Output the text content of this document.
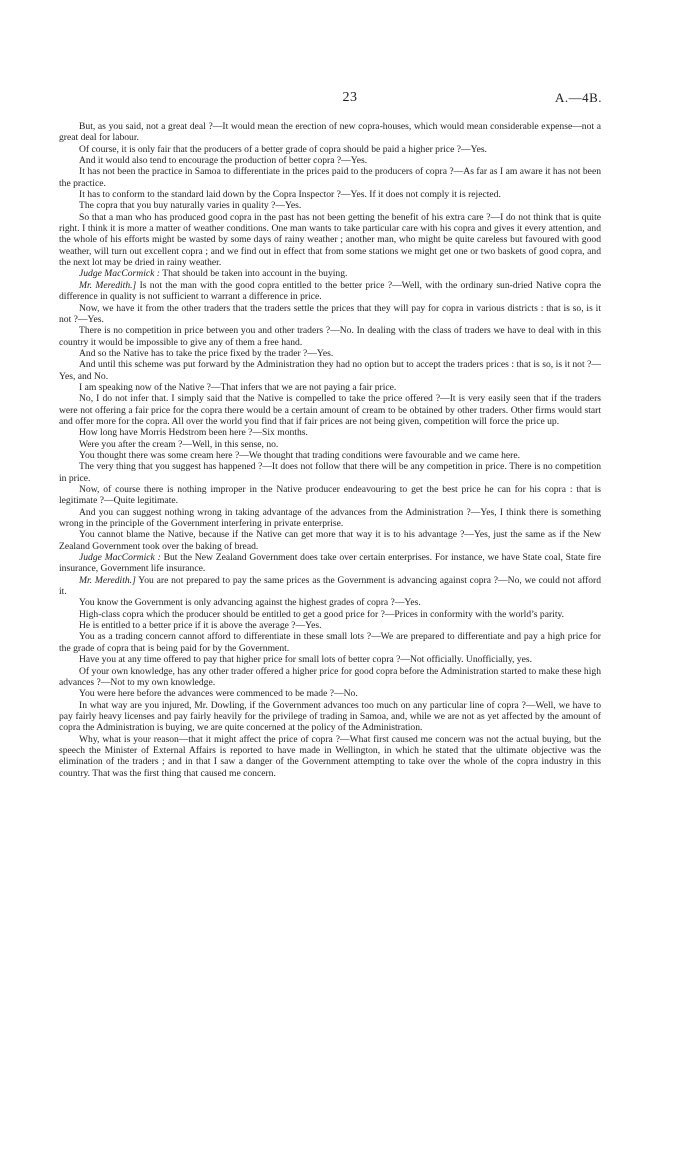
23	A.—4B.

But, as you said, not a great deal ?—It would mean the erection of new copra-houses, which would mean considerable expense—not a great deal for labour.

Of course, it is only fair that the producers of a better grade of copra should be paid a higher price ?—Yes.

And it would also tend to encourage the production of better copra ?—Yes.

It has not been the practice in Samoa to differentiate in the prices paid to the producers of copra ?—As far as I am aware it has not been the practice.

It has to conform to the standard laid down by the Copra Inspector ?—Yes. If it does not comply it is rejected.

The copra that you buy naturally varies in quality ?—Yes.

So that a man who has produced good copra in the past has not been getting the benefit of his extra care ?—I do not think that is quite right. I think it is more a matter of weather conditions. One man wants to take particular care with his copra and gives it every attention, and the whole of his efforts might be wasted by some days of rainy weather ; another man, who might be quite careless but favoured with good weather, will turn out excellent copra ; and we find out in effect that from some stations we might get one or two baskets of good copra, and the next lot may be dried in rainy weather.

Judge MacCormick : That should be taken into account in the buying.

Mr. Meredith.] Is not the man with the good copra entitled to the better price ?—Well, with the ordinary sun-dried Native copra the difference in quality is not sufficient to warrant a difference in price.

Now, we have it from the other traders that the traders settle the prices that they will pay for copra in various districts : that is so, is it not ?—Yes.

There is no competition in price between you and other traders ?—No. In dealing with the class of traders we have to deal with in this country it would be impossible to give any of them a free hand.

And so the Native has to take the price fixed by the trader ?—Yes.

And until this scheme was put forward by the Administration they had no option but to accept the traders prices : that is so, is it not ?—Yes, and No.

I am speaking now of the Native ?—That infers that we are not paying a fair price.

No, I do not infer that. I simply said that the Native is compelled to take the price offered ?—It is very easily seen that if the traders were not offering a fair price for the copra there would be a certain amount of cream to be obtained by other traders. Other firms would start and offer more for the copra. All over the world you find that if fair prices are not being given, competition will force the price up.

How long have Morris Hedstrom been here ?—Six months.

Were you after the cream ?—Well, in this sense, no.

You thought there was some cream here ?—We thought that trading conditions were favourable and we came here.

The very thing that you suggest has happened ?—It does not follow that there will be any competition in price. There is no competition in price.

Now, of course there is nothing improper in the Native producer endeavouring to get the best price he can for his copra : that is legitimate ?—Quite legitimate.

And you can suggest nothing wrong in taking advantage of the advances from the Administration ?—Yes, I think there is something wrong in the principle of the Government interfering in private enterprise.

You cannot blame the Native, because if the Native can get more that way it is to his advantage ?—Yes, just the same as if the New Zealand Government took over the baking of bread.

Judge MacCormick : But the New Zealand Government does take over certain enterprises. For instance, we have State coal, State fire insurance, Government life insurance.

Mr. Meredith.] You are not prepared to pay the same prices as the Government is advancing against copra ?—No, we could not afford it.

You know the Government is only advancing against the highest grades of copra ?—Yes.

High-class copra which the producer should be entitled to get a good price for ?—Prices in conformity with the world’s parity.

He is entitled to a better price if it is above the average ?—Yes.

You as a trading concern cannot afford to differentiate in these small lots ?—We are prepared to differentiate and pay a high price for the grade of copra that is being paid for by the Government.

Have you at any time offered to pay that higher price for small lots of better copra ?—Not officially. Unofficially, yes.

Of your own knowledge, has any other trader offered a higher price for good copra before the Administration started to make these high advances ?—Not to my own knowledge.

You were here before the advances were commenced to be made ?—No.

In what way are you injured, Mr. Dowling, if the Government advances too much on any particular line of copra ?—Well, we have to pay fairly heavy licenses and pay fairly heavily for the privilege of trading in Samoa, and, while we are not as yet affected by the amount of copra the Administration is buying, we are quite concerned at the policy of the Administration.

Why, what is your reason—that it might affect the price of copra ?—What first caused me concern was not the actual buying, but the speech the Minister of External Affairs is reported to have made in Wellington, in which he stated that the ultimate objective was the elimination of the traders ; and in that I saw a danger of the Government attempting to take over the whole of the copra industry in this country. That was the first thing that caused me concern.
